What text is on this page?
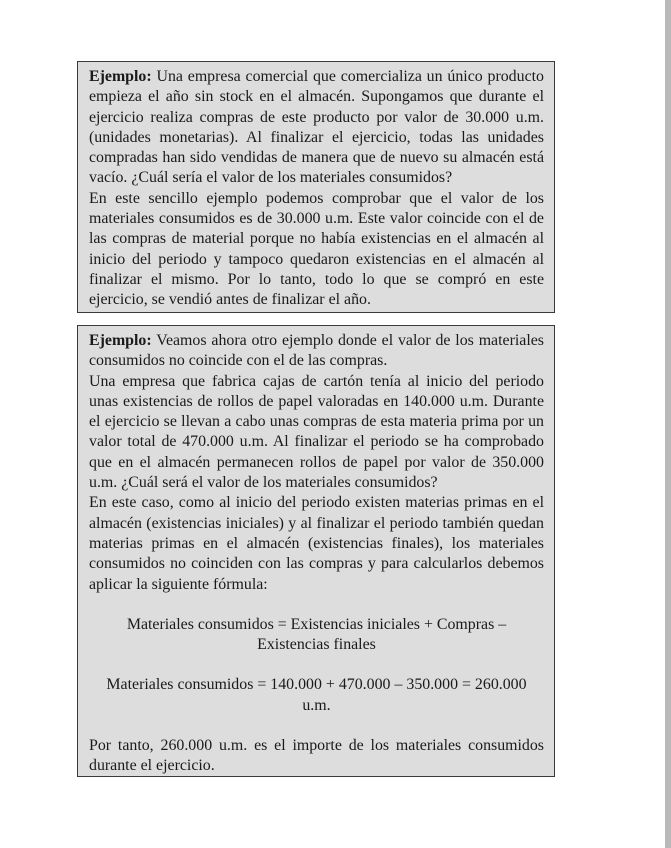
Ejemplo: Una empresa comercial que comercializa un único producto empieza el año sin stock en el almacén. Supongamos que durante el ejercicio realiza compras de este producto por valor de 30.000 u.m. (unidades monetarias). Al finalizar el ejercicio, todas las unidades compradas han sido vendidas de manera que de nuevo su almacén está vacío. ¿Cuál sería el valor de los materiales consumidos?

En este sencillo ejemplo podemos comprobar que el valor de los materiales consumidos es de 30.000 u.m. Este valor coincide con el de las compras de material porque no había existencias en el almacén al inicio del periodo y tampoco quedaron existencias en el almacén al finalizar el mismo. Por lo tanto, todo lo que se compró en este ejercicio, se vendió antes de finalizar el año.

Ejemplo: Veamos ahora otro ejemplo donde el valor de los materiales consumidos no coincide con el de las compras.

Una empresa que fabrica cajas de cartón tenía al inicio del periodo unas existencias de rollos de papel valoradas en 140.000 u.m. Durante el ejercicio se llevan a cabo unas compras de esta materia prima por un valor total de 470.000 u.m. Al finalizar el periodo se ha comprobado que en el almacén permanecen rollos de papel por valor de 350.000 u.m. ¿Cuál será el valor de los materiales consumidos?

En este caso, como al inicio del periodo existen materias primas en el almacén (existencias iniciales) y al finalizar el periodo también quedan materias primas en el almacén (existencias finales), los materiales consumidos no coinciden con las compras y para calcularlos debemos aplicar la siguiente fórmula:

Materiales consumidos = Existencias iniciales + Compras – Existencias finales

Materiales consumidos = 140.000 + 470.000 – 350.000 = 260.000 u.m.

Por tanto, 260.000 u.m. es el importe de los materiales consumidos durante el ejercicio.
